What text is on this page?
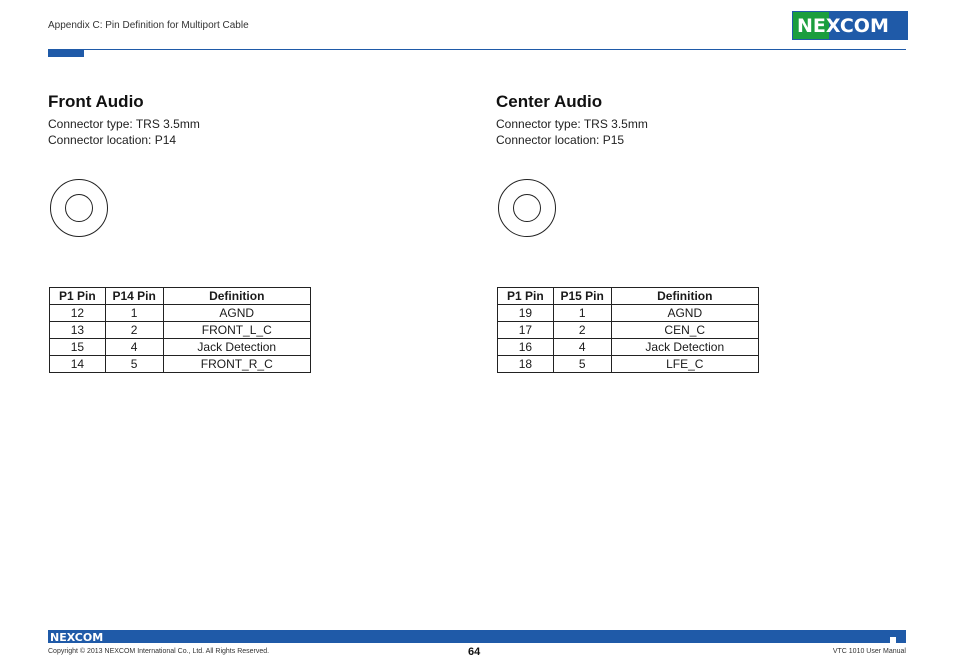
Appendix C: Pin Definition for Multiport Cable	NEXCOM
Front Audio
Connector type: TRS 3.5mm
Connector location: P14
P1 Pin	P14 Pin	Definition
12	1	AGND
13	2	FRONT_L_C
15	4	Jack Detection
14	5	FRONT_R_C
Center Audio
Connector type: TRS 3.5mm
Connector location: P15
P1 Pin	P15 Pin	Definition
19	1	AGND
17	2	CEN_C
16	4	Jack Detection
18	5	LFE_C
NEXCOM
Copyright © 2013 NEXCOM International Co., Ltd. All Rights Reserved.	64	VTC 1010 User Manual
